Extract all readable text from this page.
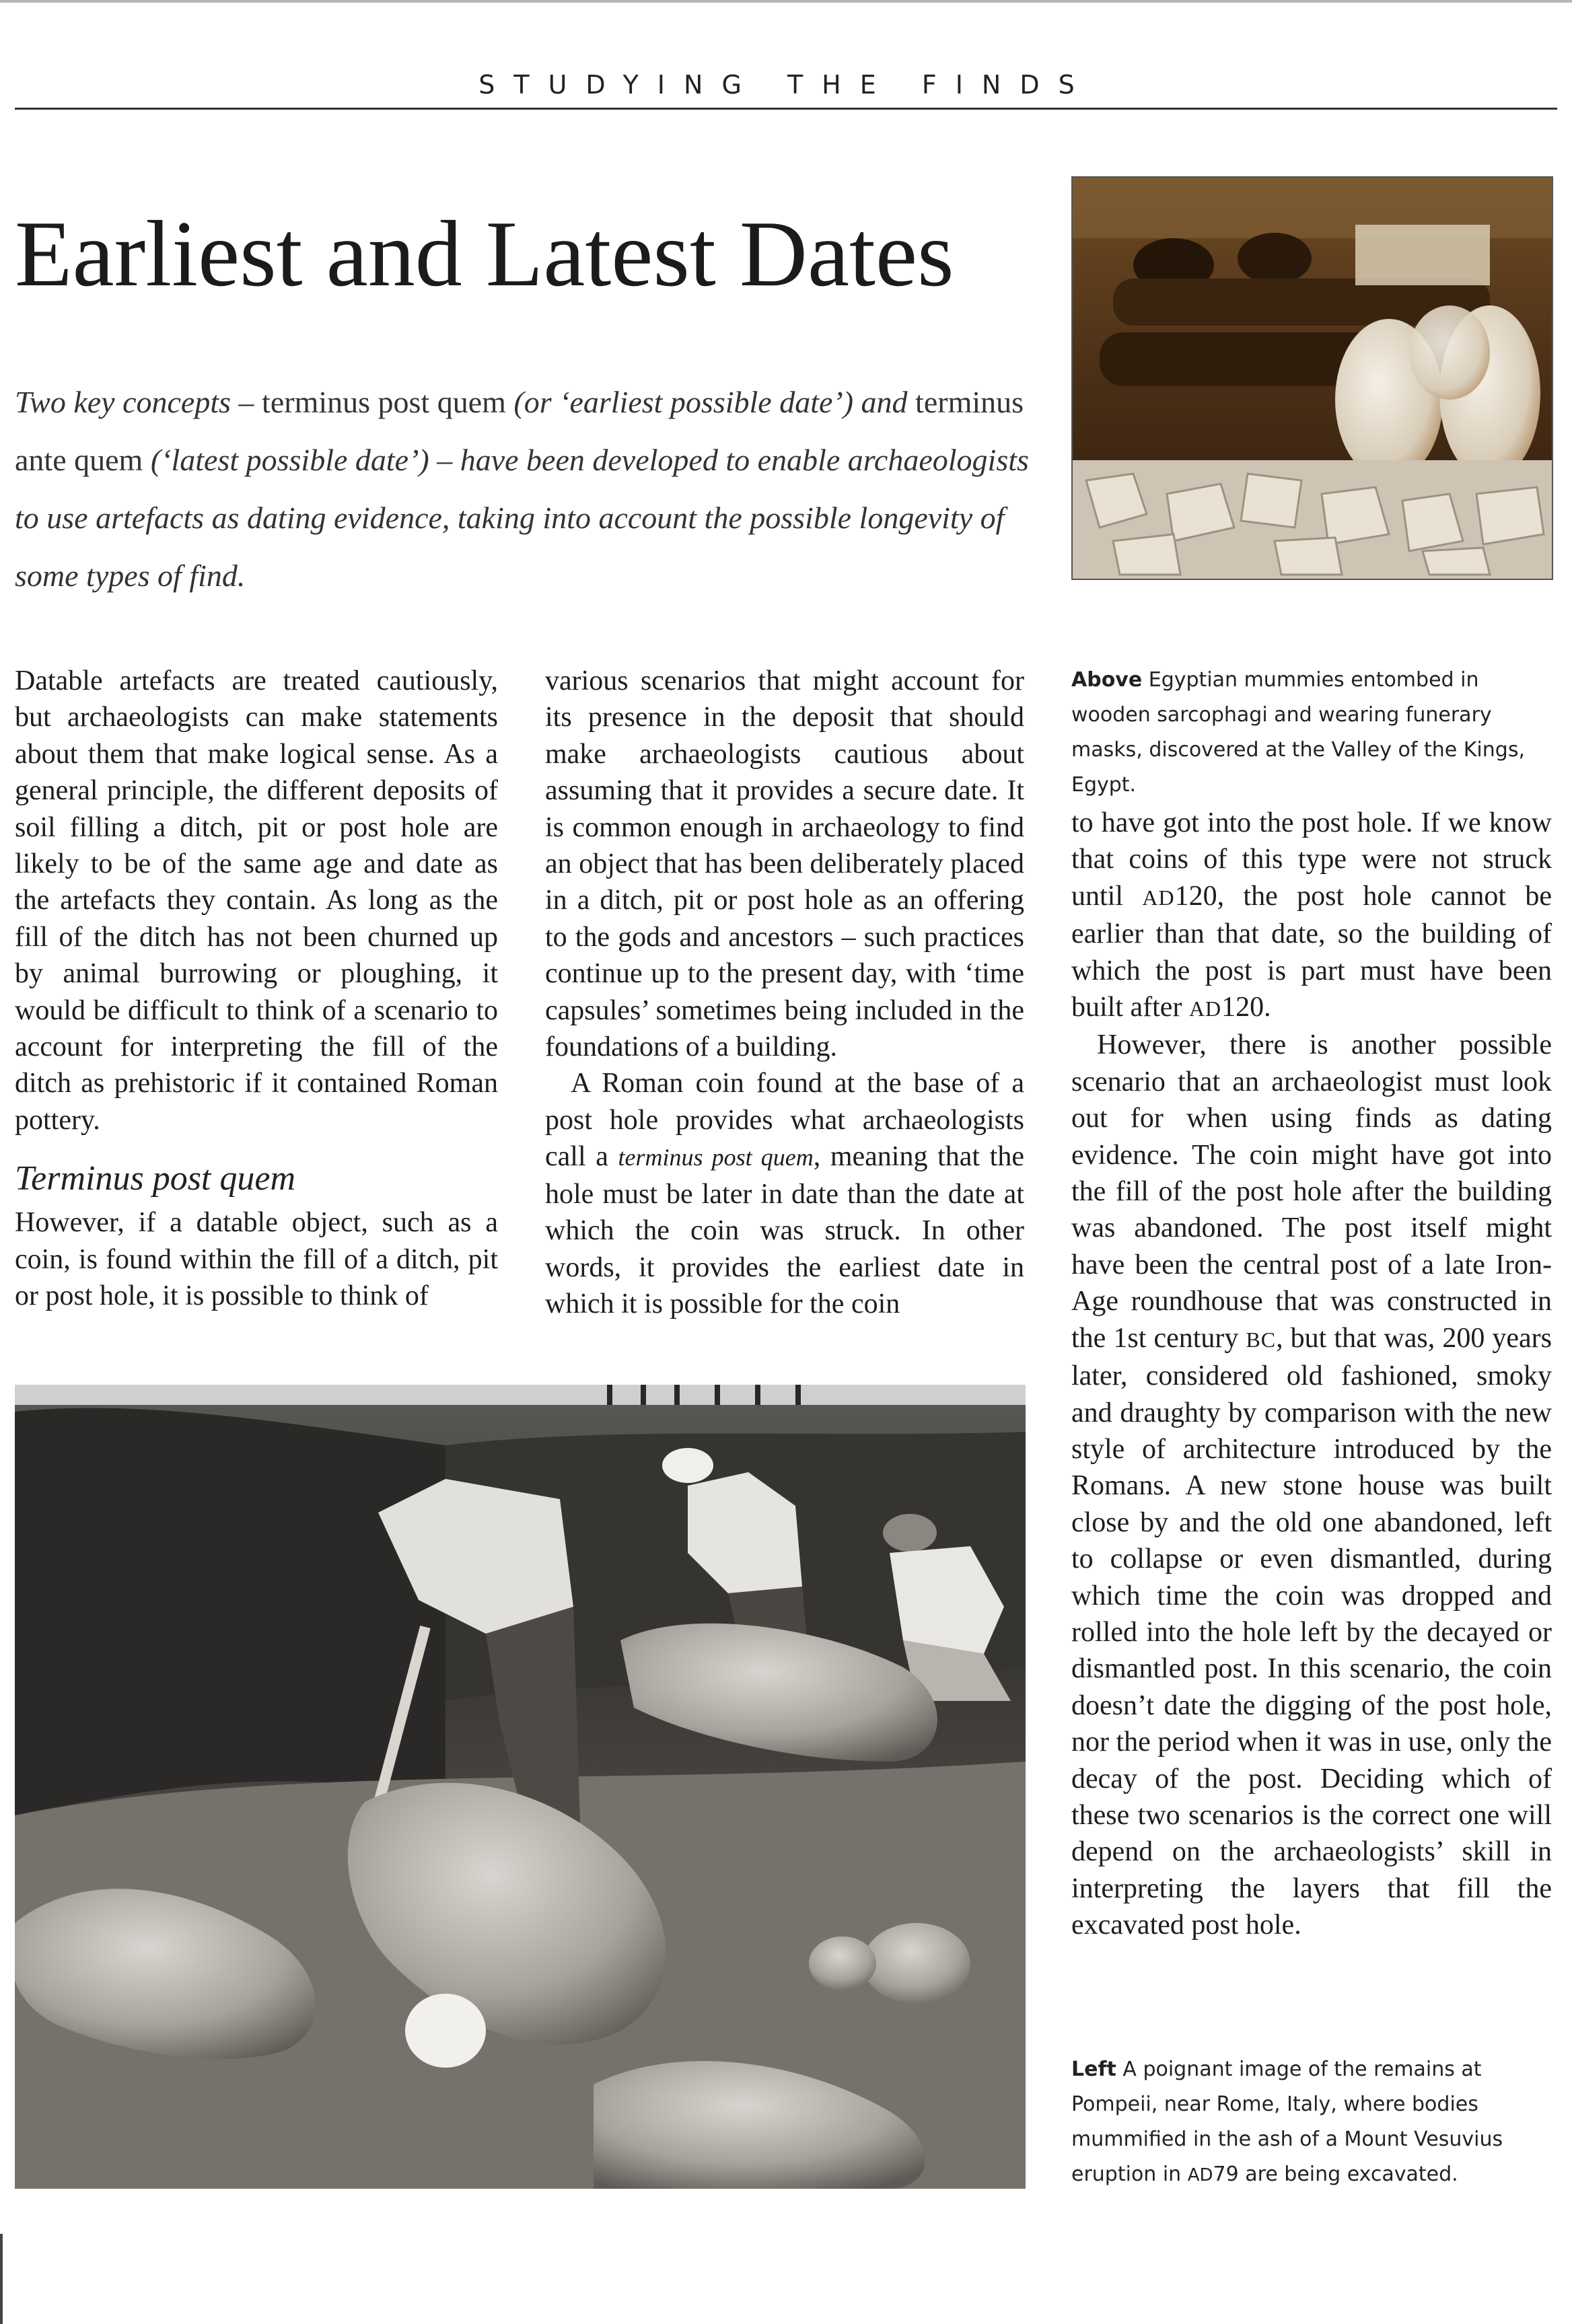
STUDYING THE FINDS
Earliest and Latest Dates
Two key concepts – terminus post quem (or ‘earliest possible date’) and terminus ante quem (‘latest possible date’) – have been developed to enable archaeologists to use artefacts as dating evidence, taking into account the possible longevity of some types of find.
Above Egyptian mummies entombed in wooden sarcophagi and wearing funerary masks, discovered at the Valley of the Kings, Egypt.

Datable artefacts are treated cautiously, but archaeologists can make statements about them that make logical sense. As a general principle, the different deposits of soil filling a ditch, pit or post hole are likely to be of the same age and date as the artefacts they contain. As long as the fill of the ditch has not been churned up by animal burrowing or ploughing, it would be difficult to think of a scenario to account for interpreting the fill of the ditch as prehistoric if it contained Roman pottery.

Terminus post quem

However, if a datable object, such as a coin, is found within the fill of a ditch, pit or post hole, it is possible to think of

various scenarios that might account for its presence in the deposit that should make archaeologists cautious about assuming that it provides a secure date. It is common enough in archaeology to find an object that has been deliberately placed in a ditch, pit or post hole as an offering to the gods and ancestors – such practices continue up to the present day, with ‘time capsules’ sometimes being included in the foundations of a building.

A Roman coin found at the base of a post hole provides what archaeologists call a terminus post quem, meaning that the hole must be later in date than the date at which the coin was struck. In other words, it provides the earliest date in which it is possible for the coin

to have got into the post hole. If we know that coins of this type were not struck until AD120, the post hole cannot be earlier than that date, so the building of which the post is part must have been built after AD120.

However, there is another possible scenario that an archaeologist must look out for when using finds as dating evidence. The coin might have got into the fill of the post hole after the building was abandoned. The post itself might have been the central post of a late Iron-Age roundhouse that was constructed in the 1st century BC, but that was, 200 years later, considered old fashioned, smoky and draughty by comparison with the new style of architecture introduced by the Romans. A new stone house was built close by and the old one abandoned, left to collapse or even dismantled, during which time the coin was dropped and rolled into the hole left by the decayed or dismantled post. In this scenario, the coin doesn’t date the digging of the post hole, nor the period when it was in use, only the decay of the post. Deciding which of these two scenarios is the correct one will depend on the archaeologists’ skill in interpreting the layers that fill the excavated post hole.

Left A poignant image of the remains at Pompeii, near Rome, Italy, where bodies mummified in the ash of a Mount Vesuvius eruption in AD79 are being excavated.
